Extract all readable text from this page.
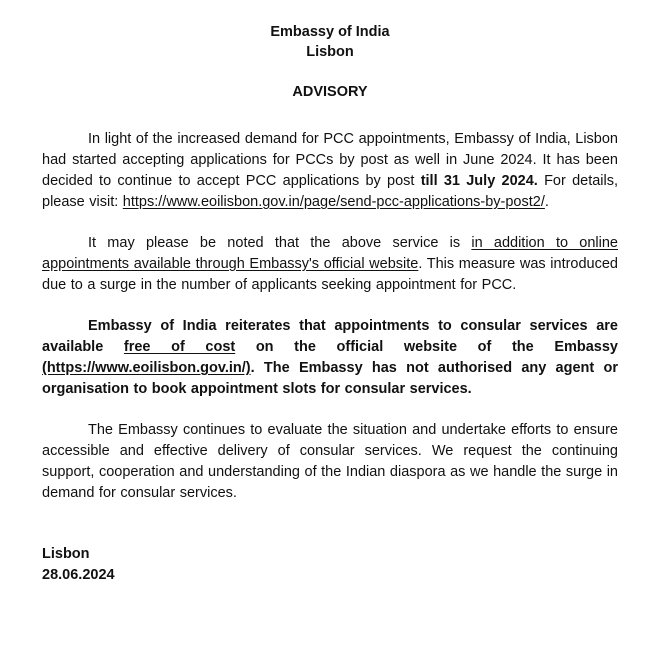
Embassy of India
Lisbon
ADVISORY

In light of the increased demand for PCC appointments, Embassy of India, Lisbon had started accepting applications for PCCs by post as well in June 2024. It has been decided to continue to accept PCC applications by post till 31 July 2024. For details, please visit: https://www.eoilisbon.gov.in/page/send-pcc-applications-by-post2/.

It may please be noted that the above service is in addition to online appointments available through Embassy's official website. This measure was introduced due to a surge in the number of applicants seeking appointment for PCC.

Embassy of India reiterates that appointments to consular services are available free of cost on the official website of the Embassy (https://www.eoilisbon.gov.in/). The Embassy has not authorised any agent or organisation to book appointment slots for consular services.

The Embassy continues to evaluate the situation and undertake efforts to ensure accessible and effective delivery of consular services. We request the continuing support, cooperation and understanding of the Indian diaspora as we handle the surge in demand for consular services.

Lisbon
28.06.2024
